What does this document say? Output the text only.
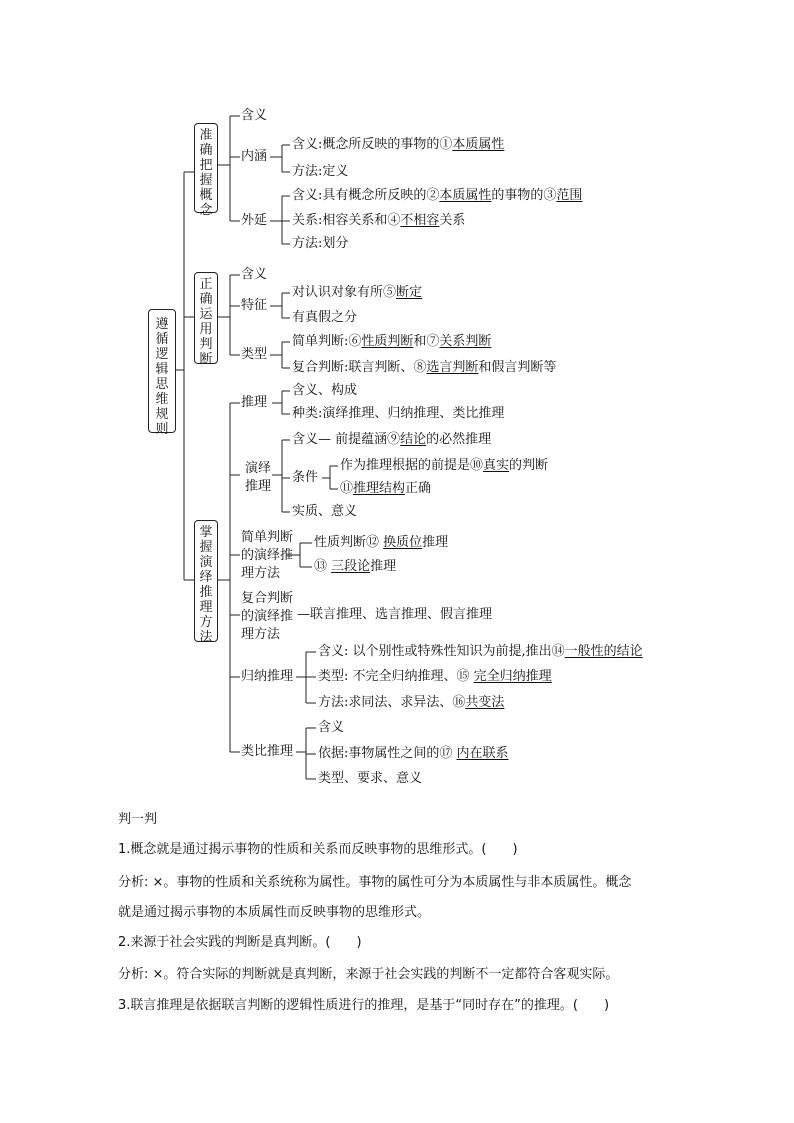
遵
循
逻
辑
思
维
规
则
准
确
把
握
概
念
正
确
运
用
判
断
掌
握
演
绎
推
理
方
法
含义
内涵
含义:概念所反映的事物的①本质属性
方法:定义
外延
含义:具有概念所反映的②本质属性的事物的③范围
关系:相容关系和④不相容关系
方法:划分
含义
特征
对认识对象有所⑤断定
有真假之分
类型
简单判断:⑥性质判断和⑦关系判断
复合判断:联言判断、⑧选言判断和假言判断等
推理
含义、构成
种类:演绎推理、归纳推理、类比推理
演绎
推理
含义— 前提蕴涵⑨结论的必然推理
条件
作为推理根据的前提是⑩真实的判断
⑪推理结构正确
实质、意义
简单判断
的演绎推
理方法
性质判断⑫ 换质位推理
⑬ 三段论推理
复合判断
的演绎推
理方法
—联言推理、选言推理、假言推理
归纳推理
含义: 以个别性或特殊性知识为前提,推出⑭一般性的结论
类型: 不完全归纳推理、⑮ 完全归纳推理
方法:求同法、求异法、⑯共变法
类比推理
含义
依据:事物属性之间的⑰ 内在联系
类型、要求、意义
判一判
1.概念就是通过揭示事物的性质和关系而反映事物的思维形式。(　　)
分析: ×。事物的性质和关系统称为属性。事物的属性可分为本质属性与非本质属性。概念
就是通过揭示事物的本质属性而反映事物的思维形式。
2.来源于社会实践的判断是真判断。(　　)
分析: ×。符合实际的判断就是真判断，来源于社会实践的判断不一定都符合客观实际。
3.联言推理是依据联言判断的逻辑性质进行的推理，是基于“同时存在”的推理。(　　)
